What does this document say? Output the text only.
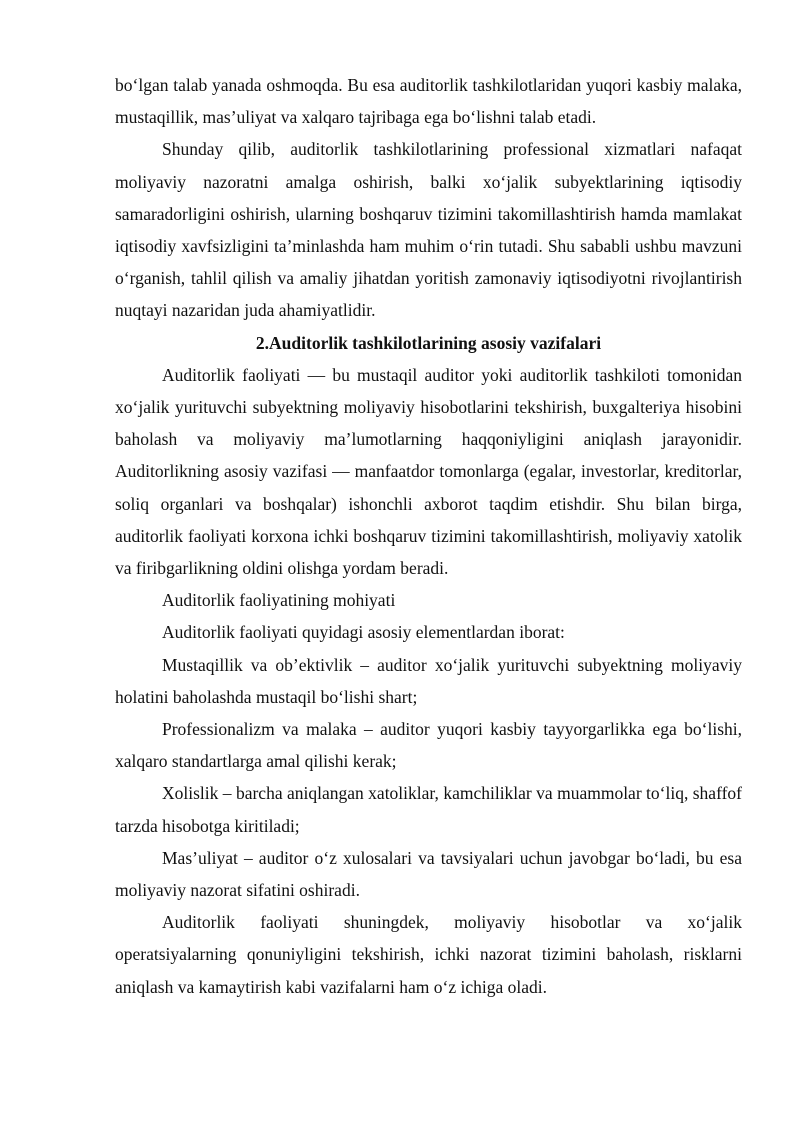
bo‘lgan talab yanada oshmoqda. Bu esa auditorlik tashkilotlaridan yuqori kasbiy malaka, mustaqillik, mas’uliyat va xalqaro tajribaga ega bo‘lishni talab etadi.

Shunday qilib, auditorlik tashkilotlarining professional xizmatlari nafaqat moliyaviy nazoratni amalga oshirish, balki xo‘jalik subyektlarining iqtisodiy samaradorligini oshirish, ularning boshqaruv tizimini takomillashtirish hamda mamlakat iqtisodiy xavfsizligini ta’minlashda ham muhim o‘rin tutadi. Shu sababli ushbu mavzuni o‘rganish, tahlil qilish va amaliy jihatdan yoritish zamonaviy iqtisodiyotni rivojlantirish nuqtayi nazaridan juda ahamiyatlidir.

2.Auditorlik tashkilotlarining asosiy vazifalari

Auditorlik faoliyati — bu mustaqil auditor yoki auditorlik tashkiloti tomonidan xo‘jalik yurituvchi subyektning moliyaviy hisobotlarini tekshirish, buxgalteriya hisobini baholash va moliyaviy ma’lumotlarning haqqoniyligini aniqlash jarayonidir. Auditorlikning asosiy vazifasi — manfaatdor tomonlarga (egalar, investorlar, kreditorlar, soliq organlari va boshqalar) ishonchli axborot taqdim etishdir. Shu bilan birga, auditorlik faoliyati korxona ichki boshqaruv tizimini takomillashtirish, moliyaviy xatolik va firibgarlikning oldini olishga yordam beradi.

Auditorlik faoliyatining mohiyati

Auditorlik faoliyati quyidagi asosiy elementlardan iborat:

Mustaqillik va ob’ektivlik – auditor xo‘jalik yurituvchi subyektning moliyaviy holatini baholashda mustaqil bo‘lishi shart;

Professionalizm va malaka – auditor yuqori kasbiy tayyorgarlikka ega bo‘lishi, xalqaro standartlarga amal qilishi kerak;

Xolislik – barcha aniqlangan xatoliklar, kamchiliklar va muammolar to‘liq, shaffof tarzda hisobotga kiritiladi;

Mas’uliyat – auditor o‘z xulosalari va tavsiyalari uchun javobgar bo‘ladi, bu esa moliyaviy nazorat sifatini oshiradi.

Auditorlik faoliyati shuningdek, moliyaviy hisobotlar va xo‘jalik operatsiyalarning qonuniyligini tekshirish, ichki nazorat tizimini baholash, risklarni aniqlash va kamaytirish kabi vazifalarni ham o‘z ichiga oladi.
